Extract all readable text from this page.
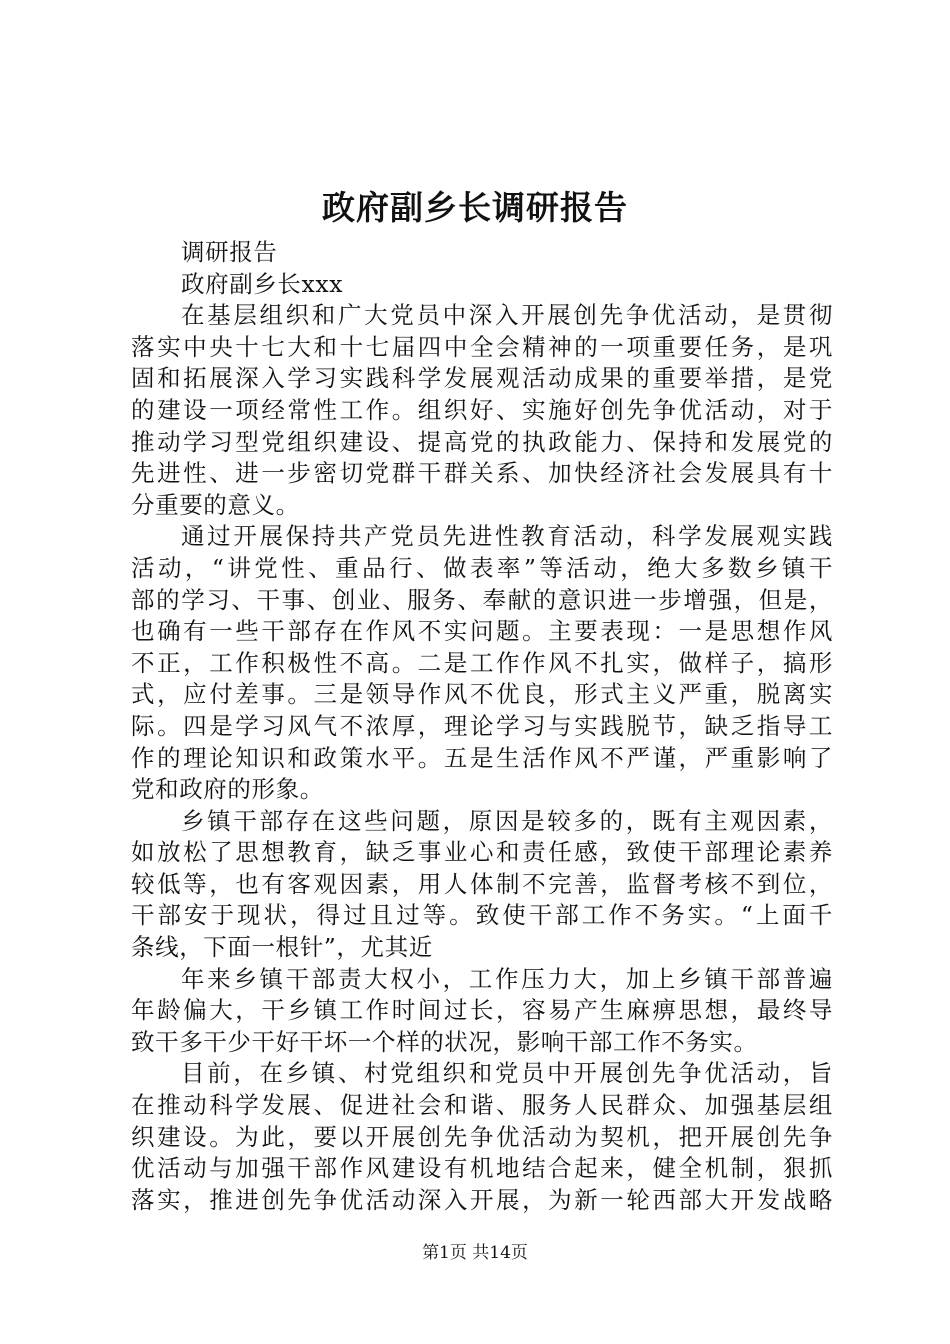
政府副乡长调研报告
调研报告
政府副乡长xxx
在基层组织和广大党员中深入开展创先争优活动，是贯彻
落实中央十七大和十七届四中全会精神的一项重要任务，是巩
固和拓展深入学习实践科学发展观活动成果的重要举措，是党
的建设一项经常性工作。组织好、实施好创先争优活动，对于
推动学习型党组织建设、提高党的执政能力、保持和发展党的
先进性、进一步密切党群干群关系、加快经济社会发展具有十
分重要的意义。
通过开展保持共产党员先进性教育活动，科学发展观实践
活动，“讲党性、重品行、做表率”等活动，绝大多数乡镇干
部的学习、干事、创业、服务、奉献的意识进一步增强，但是，
也确有一些干部存在作风不实问题。主要表现：一是思想作风
不正，工作积极性不高。二是工作作风不扎实，做样子，搞形
式，应付差事。三是领导作风不优良，形式主义严重，脱离实
际。四是学习风气不浓厚，理论学习与实践脱节，缺乏指导工
作的理论知识和政策水平。五是生活作风不严谨，严重影响了
党和政府的形象。
乡镇干部存在这些问题，原因是较多的，既有主观因素，
如放松了思想教育，缺乏事业心和责任感，致使干部理论素养
较低等，也有客观因素，用人体制不完善，监督考核不到位，
干部安于现状，得过且过等。致使干部工作不务实。“上面千
条线，下面一根针”，尤其近
年来乡镇干部责大权小，工作压力大，加上乡镇干部普遍
年龄偏大，干乡镇工作时间过长，容易产生麻痹思想，最终导
致干多干少干好干坏一个样的状况，影响干部工作不务实。
目前，在乡镇、村党组织和党员中开展创先争优活动，旨
在推动科学发展、促进社会和谐、服务人民群众、加强基层组
织建设。为此，要以开展创先争优活动为契机，把开展创先争
优活动与加强干部作风建设有机地结合起来，健全机制，狠抓
落实，推进创先争优活动深入开展，为新一轮西部大开发战略
第1页 共14页
